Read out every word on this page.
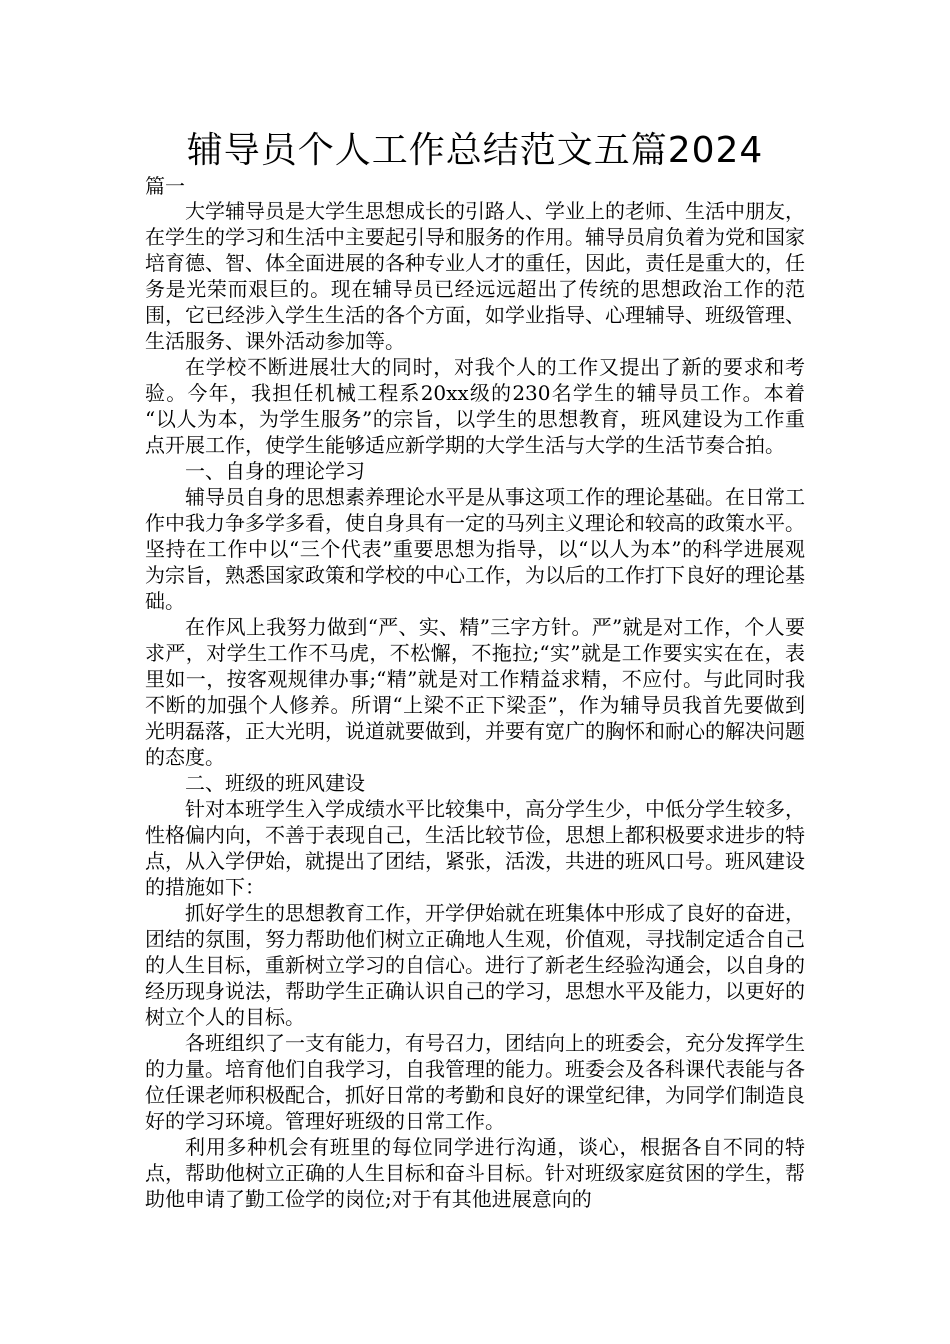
辅导员个人工作总结范文五篇2024
篇一

大学辅导员是大学生思想成长的引路人、学业上的老师、生活中朋友，在学生的学习和生活中主要起引导和服务的作用。辅导员肩负着为党和国家培育德、智、体全面进展的各种专业人才的重任，因此，责任是重大的，任务是光荣而艰巨的。现在辅导员已经远远超出了传统的思想政治工作的范围，它已经涉入学生生活的各个方面，如学业指导、心理辅导、班级管理、生活服务、课外活动参加等。

在学校不断进展壮大的同时，对我个人的工作又提出了新的要求和考验。今年，我担任机械工程系20xx级的230名学生的辅导员工作。本着 “以人为本，为学生服务”的宗旨，以学生的思想教育，班风建设为工作重点开展工作，使学生能够适应新学期的大学生活与大学的生活节奏合拍。

一、自身的理论学习

辅导员自身的思想素养理论水平是从事这项工作的理论基础。在日常工作中我力争多学多看，使自身具有一定的马列主义理论和较高的政策水平。坚持在工作中以“三个代表”重要思想为指导，以“以人为本”的科学进展观为宗旨，熟悉国家政策和学校的中心工作，为以后的工作打下良好的理论基础。

在作风上我努力做到“严、实、精”三字方针。严”就是对工作，个人要求严，对学生工作不马虎，不松懈，不拖拉;“实”就是工作要实实在在，表里如一，按客观规律办事;“精”就是对工作精益求精，不应付。与此同时我不断的加强个人修养。所谓“上梁不正下梁歪”，作为辅导员我首先要做到光明磊落，正大光明，说道就要做到，并要有宽广的胸怀和耐心的解决问题的态度。

二、班级的班风建设

针对本班学生入学成绩水平比较集中，高分学生少，中低分学生较多，性格偏内向，不善于表现自己，生活比较节俭，思想上都积极要求进步的特点，从入学伊始，就提出了团结，紧张，活泼，共进的班风口号。班风建设的措施如下：

抓好学生的思想教育工作，开学伊始就在班集体中形成了良好的奋进，团结的氛围，努力帮助他们树立正确地人生观，价值观，寻找制定适合自己的人生目标，重新树立学习的自信心。进行了新老生经验沟通会，以自身的经历现身说法，帮助学生正确认识自己的学习，思想水平及能力，以更好的树立个人的目标。

各班组织了一支有能力，有号召力，团结向上的班委会，充分发挥学生的力量。培育他们自我学习，自我管理的能力。班委会及各科课代表能与各位任课老师积极配合，抓好日常的考勤和良好的课堂纪律，为同学们制造良好的学习环境。管理好班级的日常工作。

利用多种机会有班里的每位同学进行沟通，谈心，根据各自不同的特点，帮助他树立正确的人生目标和奋斗目标。针对班级家庭贫困的学生，帮助他申请了勤工俭学的岗位;对于有其他进展意向的
